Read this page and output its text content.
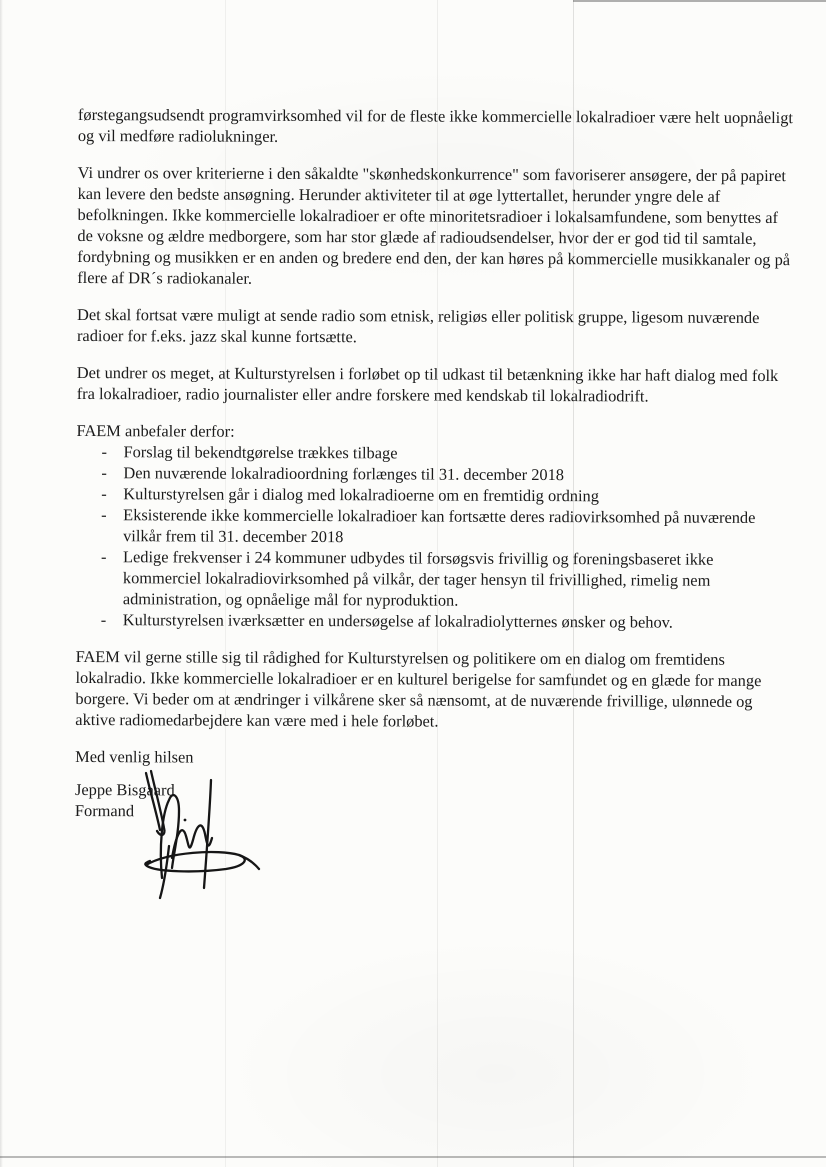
førstegangsudsendt programvirksomhed vil for de fleste ikke kommercielle lokalradioer være helt uopnåeligt og vil medføre radiolukninger.

Vi undrer os over kriterierne i den såkaldte "skønhedskonkurrence" som favoriserer ansøgere, der på papiret kan levere den bedste ansøgning. Herunder aktiviteter til at øge lyttertallet, herunder yngre dele af befolkningen. Ikke kommercielle lokalradioer er ofte minoritetsradioer i lokalsamfundene, som benyttes af de voksne og ældre medborgere, som har stor glæde af radioudsendelser, hvor der er god tid til samtale, fordybning og musikken er en anden og bredere end den, der kan høres på kommercielle musikkanaler og på flere af DR´s radiokanaler.

Det skal fortsat være muligt at sende radio som etnisk, religiøs eller politisk gruppe, ligesom nuværende radioer for f.eks. jazz skal kunne fortsætte.

Det undrer os meget, at Kulturstyrelsen i forløbet op til udkast til betænkning ikke har haft dialog med folk fra lokalradioer, radio journalister eller andre forskere med kendskab til lokalradiodrift.

FAEM anbefaler derfor:

- Forslag til bekendtgørelse trækkes tilbage
- Den nuværende lokalradioordning forlænges til 31. december 2018
- Kulturstyrelsen går i dialog med lokalradioerne om en fremtidig ordning
- Eksisterende ikke kommercielle lokalradioer kan fortsætte deres radiovirksomhed på nuværende vilkår frem til 31. december 2018
- Ledige frekvenser i 24 kommuner udbydes til forsøgsvis frivillig og foreningsbaseret ikke kommerciel lokalradiovirksomhed på vilkår, der tager hensyn til frivillighed, rimelig nem administration, og opnåelige mål for nyproduktion.
- Kulturstyrelsen iværksætter en undersøgelse af lokalradiolytternes ønsker og behov.

FAEM vil gerne stille sig til rådighed for Kulturstyrelsen og politikere om en dialog om fremtidens lokalradio. Ikke kommercielle lokalradioer er en kulturel berigelse for samfundet og en glæde for mange borgere. Vi beder om at ændringer i vilkårene sker så nænsomt, at de nuværende frivillige, ulønnede og aktive radiomedarbejdere kan være med i hele forløbet.

Med venlig hilsen

Jeppe Bisgaard
Formand
